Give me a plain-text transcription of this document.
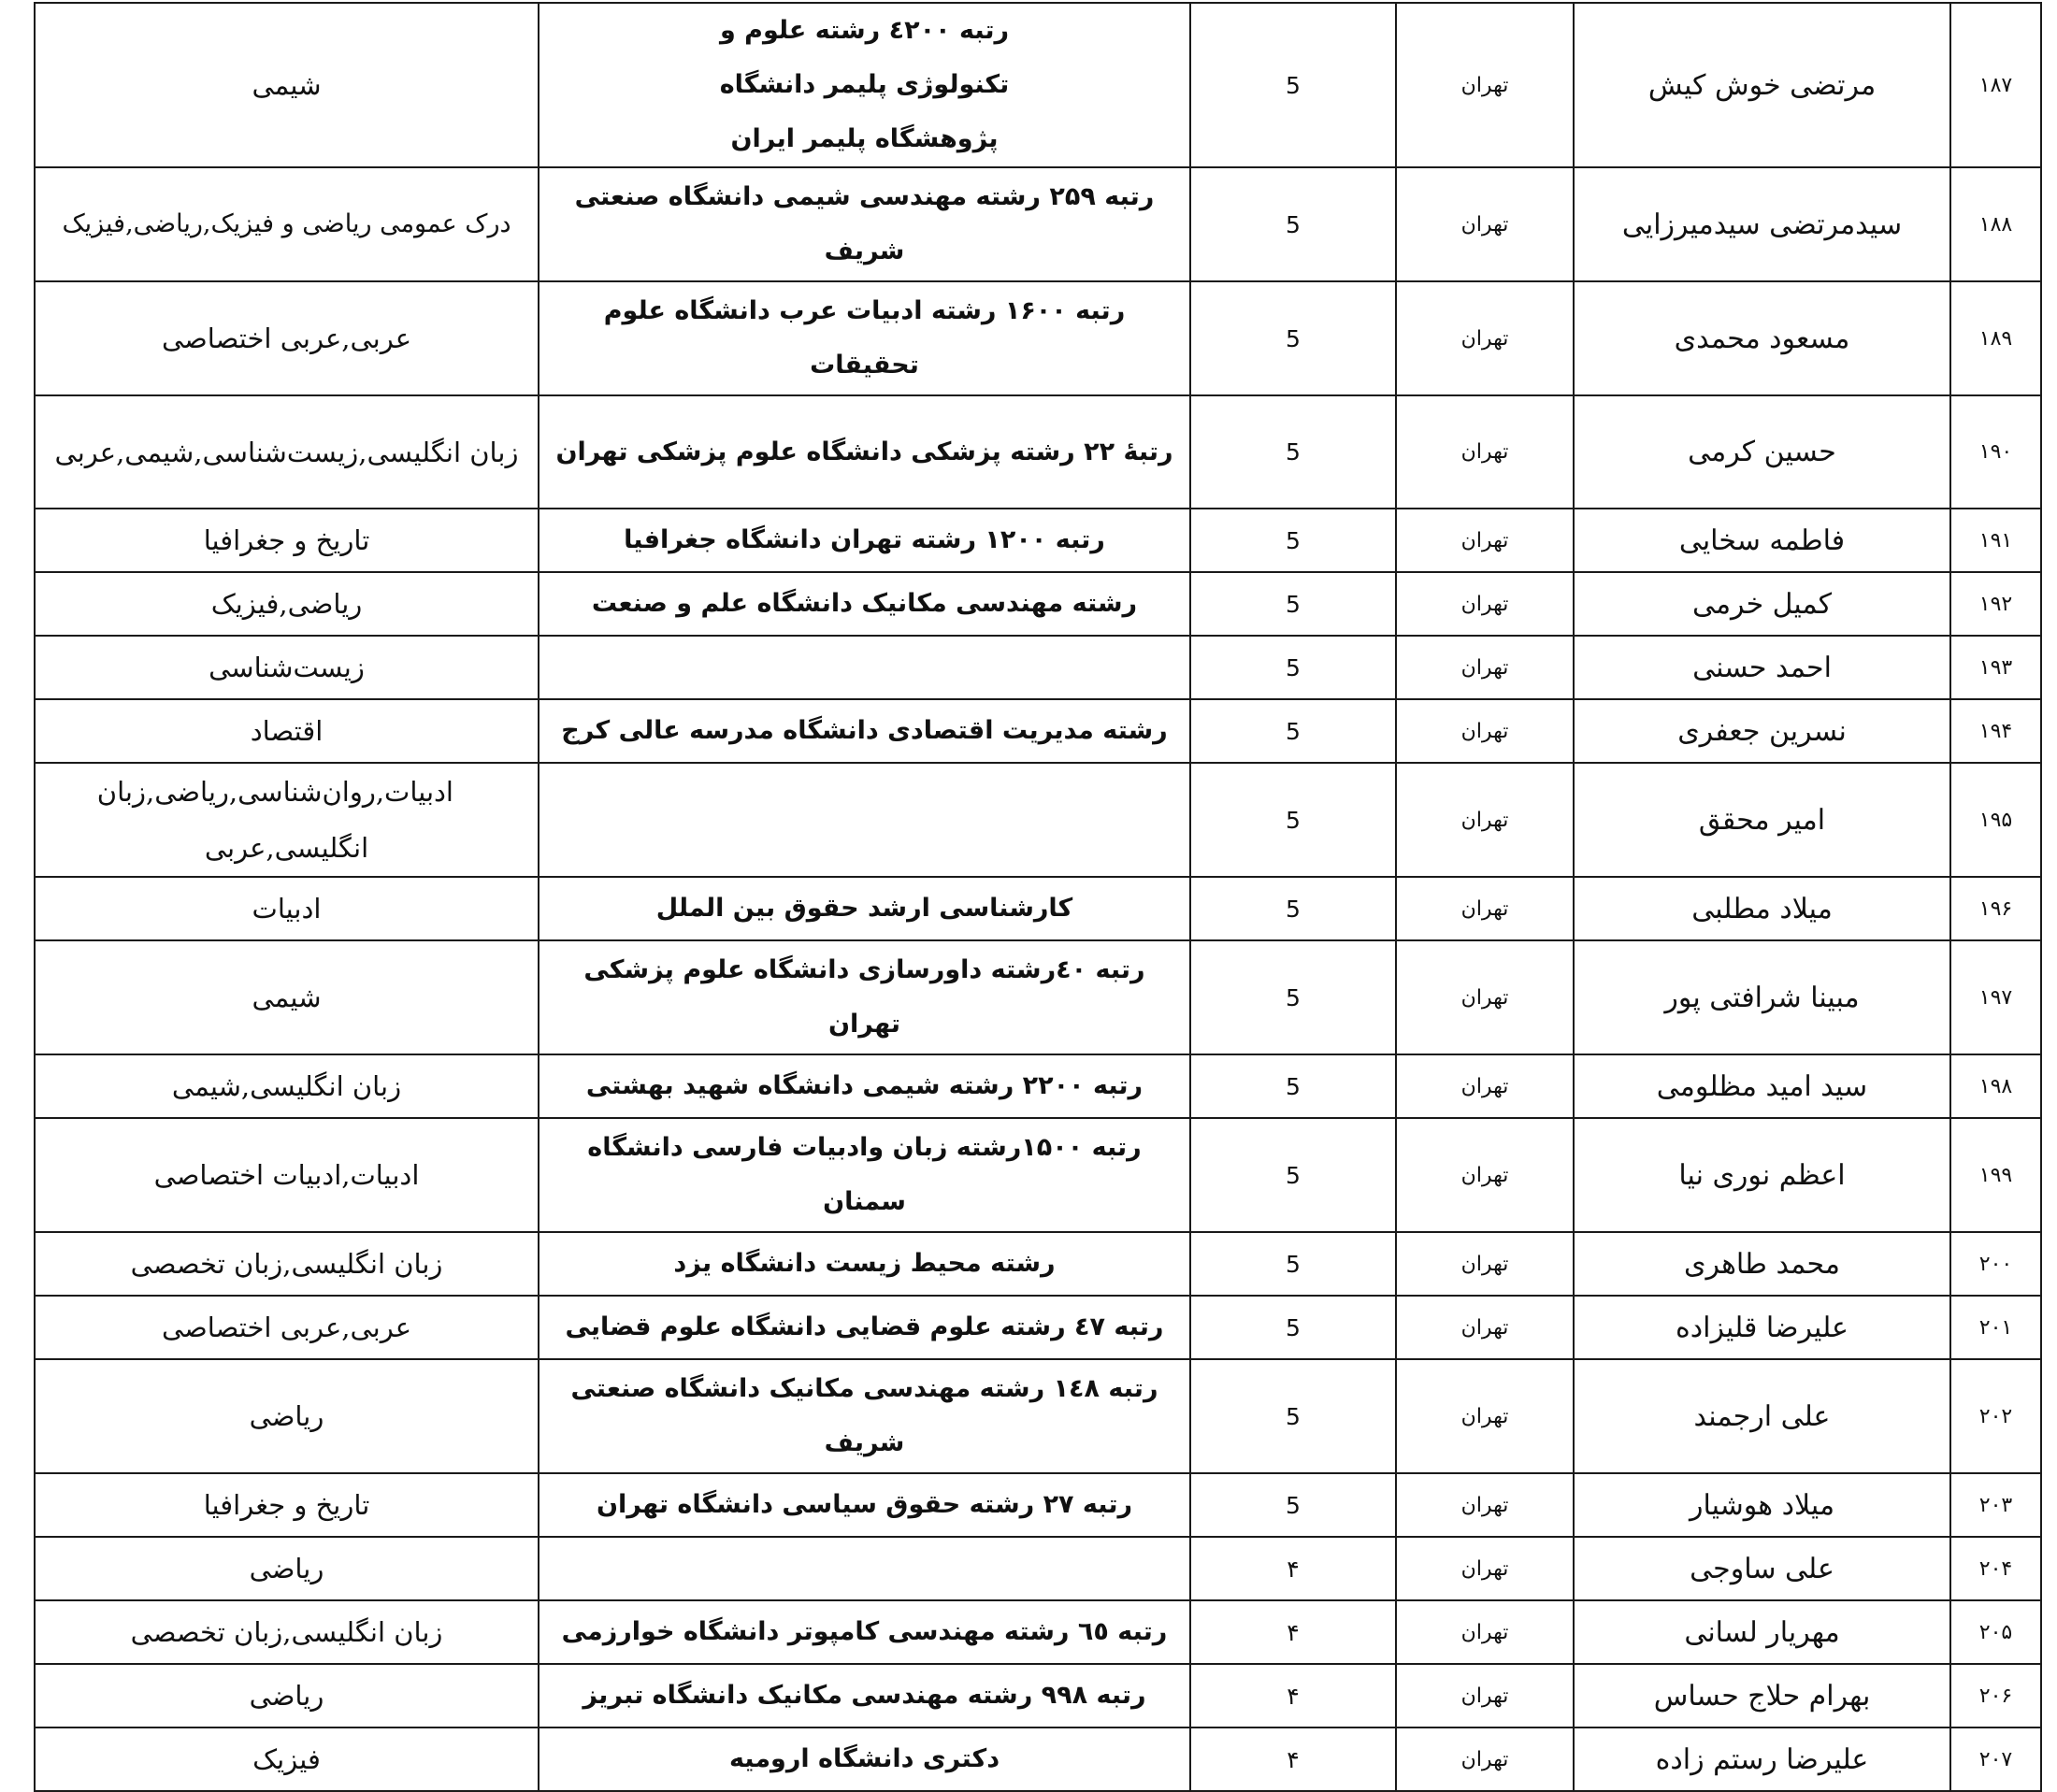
شیمی	رتبه ٤٢٠٠ رشته علوم و تکنولوژی پلیمر دانشگاه پژوهشگاه پلیمر ایران	5	تهران	مرتضی خوش کیش	۱۸۷
درک عمومی ریاضی و فیزیک,ریاضی,فیزیک	رتبه ۲۵۹ رشته مهندسی شیمی دانشگاه صنعتی شریف	5	تهران	سیدمرتضی سیدمیرزایی	۱۸۸
عربی,عربی اختصاصی	رتبه ۱۶۰۰ رشته ادبیات عرب دانشگاه علوم تحقیقات	5	تهران	مسعود محمدی	۱۸۹
زبان انگلیسی,زیست‌شناسی,شیمی,عربی	رتبهٔ ۲۲ رشته پزشکی دانشگاه علوم پزشکی تهران	5	تهران	حسین کرمی	۱۹۰
تاریخ و جغرافیا	رتبه ۱۲۰۰ رشته تهران دانشگاه جغرافیا	5	تهران	فاطمه سخایی	۱۹۱
ریاضی,فیزیک	رشته مهندسی مکانیک دانشگاه علم و صنعت	5	تهران	کمیل خرمی	۱۹۲
زیست‌شناسی		5	تهران	احمد حسنی	۱۹۳
اقتصاد	رشته مدیریت اقتصادی دانشگاه مدرسه عالی کرج	5	تهران	نسرین جعفری	۱۹۴
ادبیات,روان‌شناسی,ریاضی,زبان انگلیسی,عربی		5	تهران	امیر محقق	۱۹۵
ادبیات	کارشناسی ارشد حقوق بین الملل	5	تهران	میلاد مطلبی	۱۹۶
شیمی	رتبه ٤٠رشته داورسازی دانشگاه علوم پزشکی تهران	5	تهران	مبینا شرافتی پور	۱۹۷
زبان انگلیسی,شیمی	رتبه ۲۲۰۰ رشته شیمی دانشگاه شهید بهشتی	5	تهران	سید امید مظلومی	۱۹۸
ادبیات,ادبیات اختصاصی	رتبه ۱۵۰۰رشته زبان وادبیات فارسی دانشگاه سمنان	5	تهران	اعظم نوری نیا	۱۹۹
زبان انگلیسی,زبان تخصصی	رشته محیط زیست دانشگاه یزد	5	تهران	محمد طاهری	۲۰۰
عربی,عربی اختصاصی	رتبه ٤٧ رشته علوم قضایی دانشگاه علوم قضایی	5	تهران	علیرضا قلیزاده	۲۰۱
ریاضی	رتبه ١٤٨ رشته مهندسی مکانیک دانشگاه صنعتی شریف	5	تهران	علی ارجمند	۲۰۲
تاریخ و جغرافیا	رتبه ۲۷ رشته حقوق سیاسی دانشگاه تهران	5	تهران	میلاد هوشیار	۲۰۳
ریاضی		۴	تهران	علی ساوجی	۲۰۴
زبان انگلیسی,زبان تخصصی	رتبه ٦٥ رشته مهندسی کامپوتر دانشگاه خوارزمی	۴	تهران	مهریار لسانی	۲۰۵
ریاضی	رتبه ۹۹۸ رشته مهندسی مکانیک دانشگاه تبریز	۴	تهران	بهرام حلاج حساس	۲۰۶
فیزیک	دکتری دانشگاه ارومیه	۴	تهران	علیرضا رستم زاده	۲۰۷
